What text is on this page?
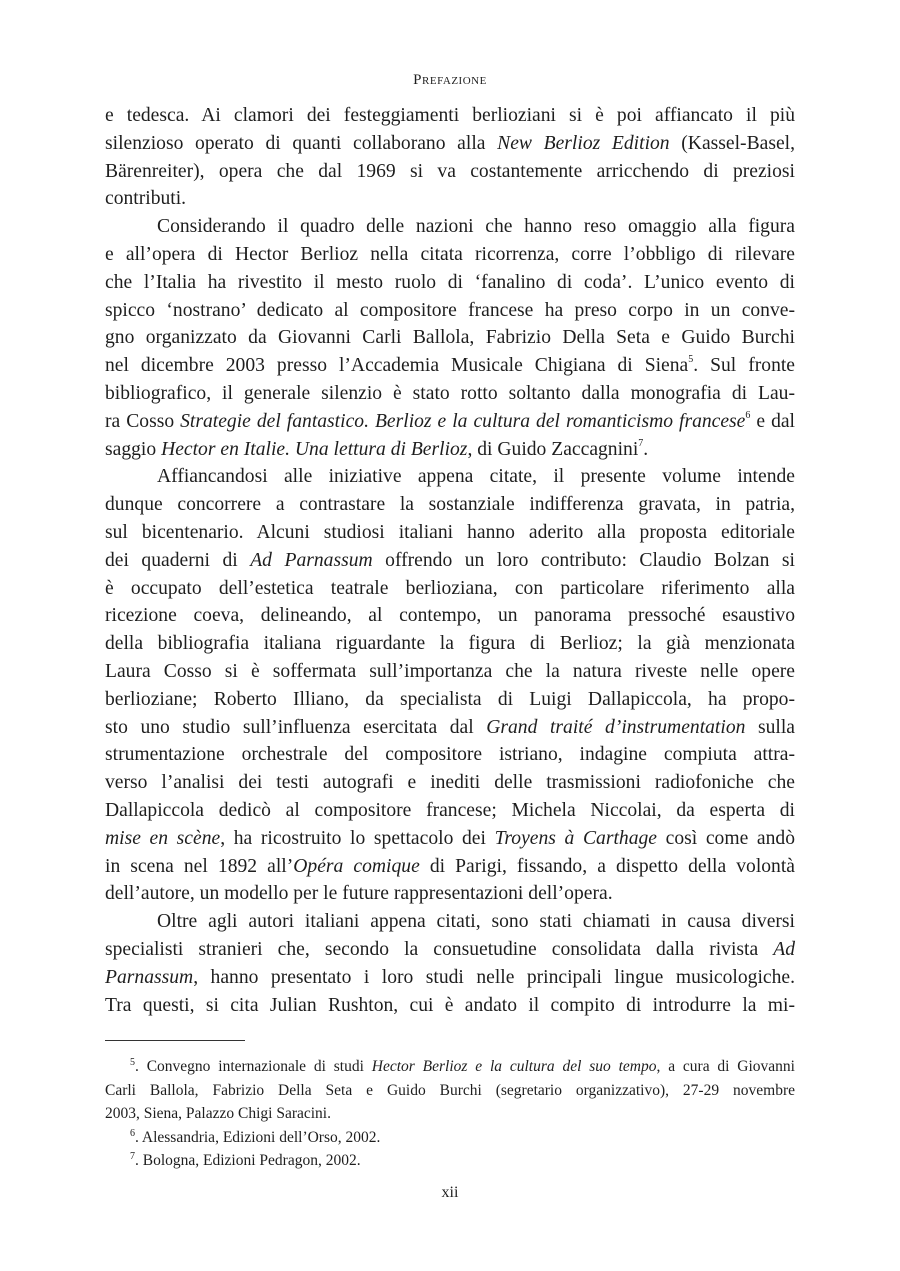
Prefazione
e tedesca. Ai clamori dei festeggiamenti berlioziani si è poi affiancato il più
silenzioso operato di quanti collaborano alla New Berlioz Edition (Kassel-Basel,
Bärenreiter), opera che dal 1969 si va costantemente arricchendo di preziosi
contributi.
Considerando il quadro delle nazioni che hanno reso omaggio alla figura
e all’opera di Hector Berlioz nella citata ricorrenza, corre l’obbligo di rilevare
che l’Italia ha rivestito il mesto ruolo di ‘fanalino di coda’. L’unico evento di
spicco ‘nostrano’ dedicato al compositore francese ha preso corpo in un conve-
gno organizzato da Giovanni Carli Ballola, Fabrizio Della Seta e Guido Burchi
nel dicembre 2003 presso l’Accademia Musicale Chigiana di Siena$^5$. Sul fronte
bibliografico, il generale silenzio è stato rotto soltanto dalla monografia di Lau-
ra Cosso Strategie del fantastico. Berlioz e la cultura del romanticismo francese$^6$ e dal
saggio Hector en Italie. Una lettura di Berlioz, di Guido Zaccagnini$^7$.
Affiancandosi alle iniziative appena citate, il presente volume intende
dunque concorrere a contrastare la sostanziale indifferenza gravata, in patria,
sul bicentenario. Alcuni studiosi italiani hanno aderito alla proposta editoriale
dei quaderni di Ad Parnassum offrendo un loro contributo: Claudio Bolzan si
è occupato dell’estetica teatrale berlioziana, con particolare riferimento alla
ricezione coeva, delineando, al contempo, un panorama pressoché esaustivo
della bibliografia italiana riguardante la figura di Berlioz; la già menzionata
Laura Cosso si è soffermata sull’importanza che la natura riveste nelle opere
berlioziane; Roberto Illiano, da specialista di Luigi Dallapiccola, ha propo-
sto uno studio sull’influenza esercitata dal Grand traité d’instrumentation sulla
strumentazione orchestrale del compositore istriano, indagine compiuta attra-
verso l’analisi dei testi autografi e inediti delle trasmissioni radiofoniche che
Dallapiccola dedicò al compositore francese; Michela Niccolai, da esperta di
mise en scène, ha ricostruito lo spettacolo dei Troyens à Carthage così come andò
in scena nel 1892 all’Opéra comique di Parigi, fissando, a dispetto della volontà
dell’autore, un modello per le future rappresentazioni dell’opera.
Oltre agli autori italiani appena citati, sono stati chiamati in causa diversi
specialisti stranieri che, secondo la consuetudine consolidata dalla rivista Ad
Parnassum, hanno presentato i loro studi nelle principali lingue musicologiche.
Tra questi, si cita Julian Rushton, cui è andato il compito di introdurre la mi-
$^5$. Convegno internazionale di studi Hector Berlioz e la cultura del suo tempo, a cura di Giovanni
Carli Ballola, Fabrizio Della Seta e Guido Burchi (segretario organizzativo), 27-29 novembre
2003, Siena, Palazzo Chigi Saracini.
$^6$. Alessandria, Edizioni dell’Orso, 2002.
$^7$. Bologna, Edizioni Pedragon, 2002.
xii
